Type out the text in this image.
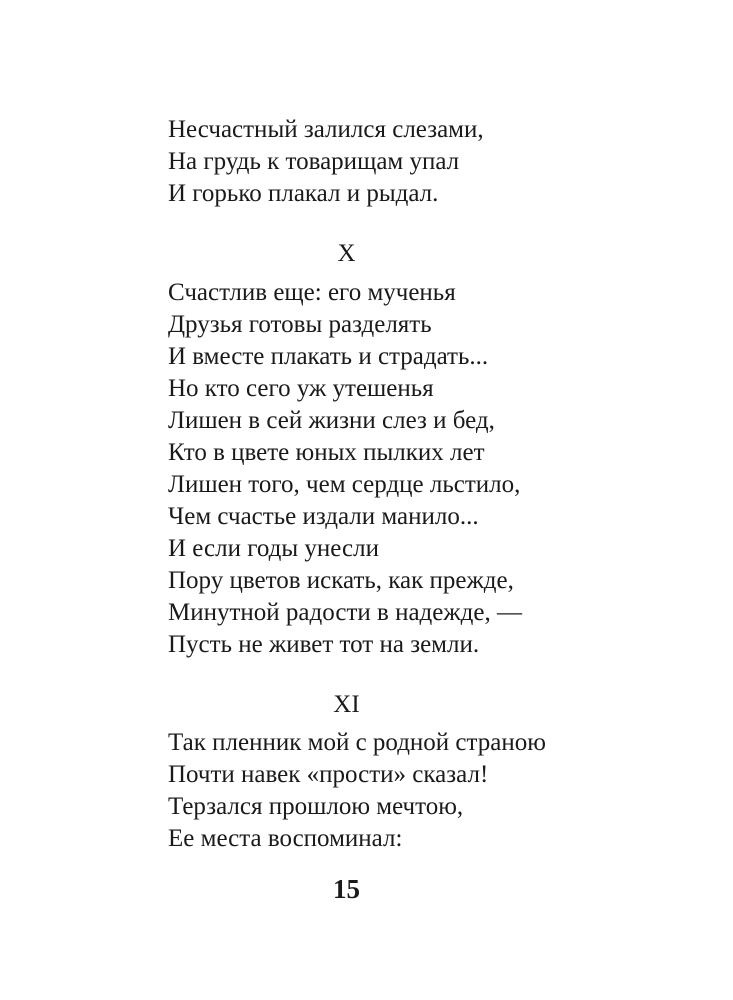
Несчастный залился слезами,
На грудь к товарищам упал
И горько плакал и рыдал.
X
Счастлив еще: его мученья
Друзья готовы разделять
И вместе плакать и страдать...
Но кто сего уж утешенья
Лишен в сей жизни слез и бед,
Кто в цвете юных пылких лет
Лишен того, чем сердце льстило,
Чем счастье издали манило...
И если годы унесли
Пору цветов искать, как прежде,
Минутной радости в надежде, —
Пусть не живет тот на земли.
XI
Так пленник мой с родной страною
Почти навек «прости» сказал!
Терзался прошлою мечтою,
Ее места воспоминал:
15
